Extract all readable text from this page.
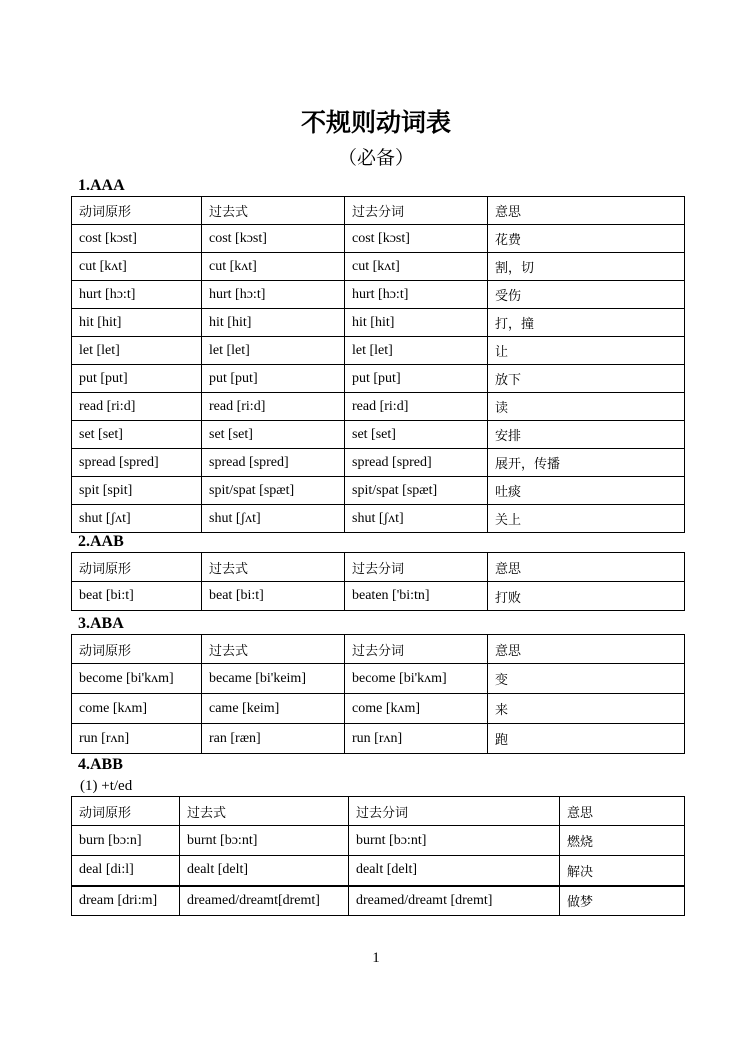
不规则动词表
（必备）
1.AAA
动词原形	过去式	过去分词	意思
cost [kɔst]	cost [kɔst]	cost [kɔst]	花费
cut [kʌt]	cut [kʌt]	cut [kʌt]	割，切
hurt [hɔ:t]	hurt [hɔ:t]	hurt [hɔ:t]	受伤
hit [hit]	hit [hit]	hit [hit]	打，撞
let [let]	let [let]	let [let]	让
put [put]	put [put]	put [put]	放下
read [ri:d]	read [ri:d]	read [ri:d]	读
set [set]	set [set]	set [set]	安排
spread [spred]	spread [spred]	spread [spred]	展开，传播
spit [spit]	spit/spat [spæt]	spit/spat [spæt]	吐痰
shut [ʃʌt]	shut [ʃʌt]	shut [ʃʌt]	关上
2.AAB
动词原形	过去式	过去分词	意思
beat [bi:t]	beat [bi:t]	beaten ['bi:tn]	打败
3.ABA
动词原形	过去式	过去分词	意思
become [bi'kʌm]	became [bi'keim]	become [bi'kʌm]	变
come [kʌm]	came [keim]	come [kʌm]	来
run [rʌn]	ran [ræn]	run [rʌn]	跑
4.ABB
(1) +t/ed
动词原形	过去式	过去分词	意思
burn [bɔ:n]	burnt [bɔ:nt]	burnt [bɔ:nt]	燃烧
deal [di:l]	dealt [delt]	dealt [delt]	解决
dream [dri:m]	dreamed/dreamt[dremt]	dreamed/dreamt [dremt]	做梦
1
